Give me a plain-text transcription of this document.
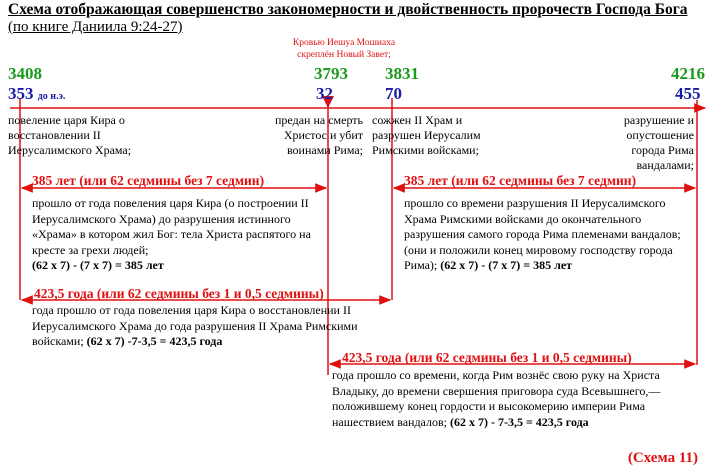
Схема отображающая совершенство закономерности и двойственность пророчеств Господа Бога
(по книге Даниила 9:24-27)
Кровью Иешуа Мошиаха скреплён Новый Завет;
3408	3793 3831	4216
353 до н.э.	32	70	455
повеление царя Кира о восстановлении II Иерусалимского Храма;
предан на смерть Христос и убит воинами Рима;
сожжен II Храм и разрушен Иерусалим Римскими войсками;
разрушение и опустошение города Рима вандалами;
385 лет (или 62 седмины без 7 седмин)
прошло от года повеления царя Кира (о построении II Иерусалимского Храма) до разрушения истинного «Храма» в котором жил Бог: тела Христа распятого на кресте за грехи людей;
(62 х 7) - (7 х 7) = 385 лет
385 лет (или 62 седмины без 7 седмин)
прошло со времени разрушения II Иерусалимского Храма Римскими войсками до окончательного разрушения самого города Рима племенами вандалов; (они и положили конец мировому господству города Рима); (62 х 7) - (7 х 7) = 385 лет
423,5 года (или 62 седмины без 1 и 0,5 седмины)
года прошло от года повеления царя Кира о восстановлении II Иерусалимского Храма до года разрушения II Храма Римскими войсками; (62 х 7) -7-3,5 = 423,5 года
423,5 года (или 62 седмины без 1 и 0,5 седмины)
года прошло со времени, когда Рим вознёс свою руку на Христа Владыку, до времени свершения приговора суда Всевышнего,— положившему конец гордости и высокомерию империи Рима нашествием вандалов; (62 х 7) - 7-3,5 = 423,5 года
(Схема 11)
